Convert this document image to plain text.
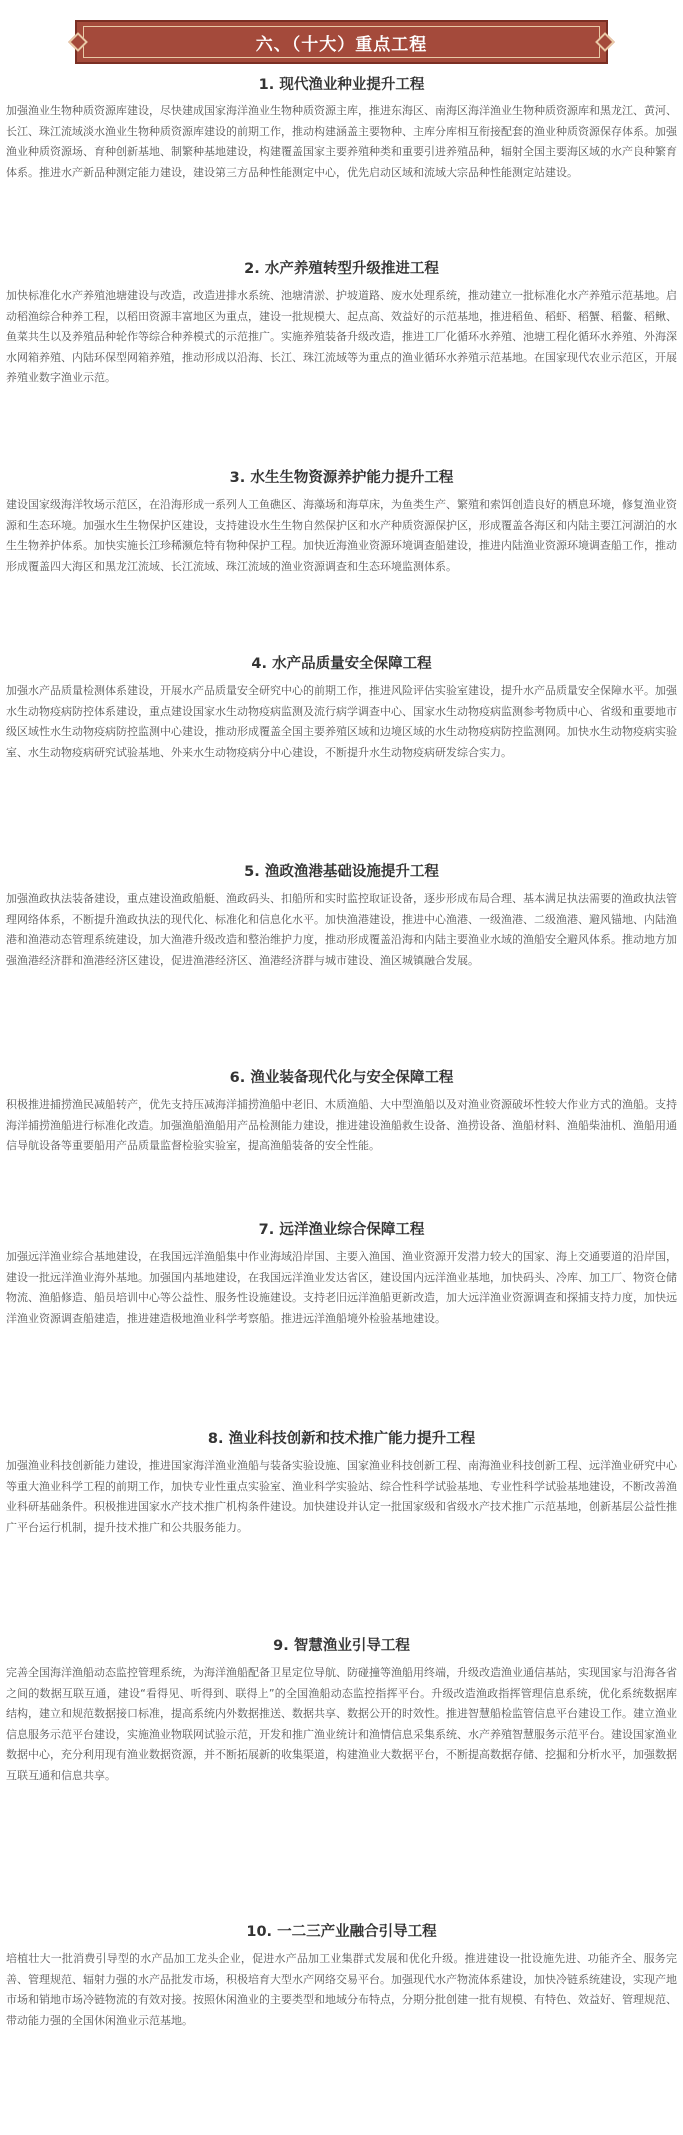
六、（十大）重点工程
1. 现代渔业种业提升工程

加强渔业生物种质资源库建设，尽快建成国家海洋渔业生物种质资源主库，推进东海区、南海区海洋渔业生物种质资源库和黑龙江、黄河、长江、珠江流域淡水渔业生物种质资源库建设的前期工作，推动构建涵盖主要物种、主库分库相互衔接配套的渔业种质资源保存体系。加强渔业种质资源场、育种创新基地、制繁种基地建设，构建覆盖国家主要养殖种类和重要引进养殖品种，辐射全国主要海区域的水产良种繁育体系。推进水产新品种测定能力建设，建设第三方品种性能测定中心，优先启动区域和流域大宗品种性能测定站建设。

2. 水产养殖转型升级推进工程

加快标准化水产养殖池塘建设与改造，改造进排水系统、池塘清淤、护坡道路、废水处理系统，推动建立一批标准化水产养殖示范基地。启动稻渔综合种养工程，以稻田资源丰富地区为重点，建设一批规模大、起点高、效益好的示范基地，推进稻鱼、稻虾、稻蟹、稻鳖、稻鳅、鱼菜共生以及养殖品种轮作等综合种养模式的示范推广。实施养殖装备升级改造，推进工厂化循环水养殖、池塘工程化循环水养殖、外海深水网箱养殖、内陆环保型网箱养殖，推动形成以沿海、长江、珠江流域等为重点的渔业循环水养殖示范基地。在国家现代农业示范区，开展养殖业数字渔业示范。

3. 水生生物资源养护能力提升工程

建设国家级海洋牧场示范区，在沿海形成一系列人工鱼礁区、海藻场和海草床，为鱼类生产、繁殖和索饵创造良好的栖息环境，修复渔业资源和生态环境。加强水生生物保护区建设，支持建设水生生物自然保护区和水产种质资源保护区，形成覆盖各海区和内陆主要江河湖泊的水生生物养护体系。加快实施长江珍稀濒危特有物种保护工程。加快近海渔业资源环境调查船建设，推进内陆渔业资源环境调查船工作，推动形成覆盖四大海区和黑龙江流域、长江流域、珠江流域的渔业资源调查和生态环境监测体系。

4. 水产品质量安全保障工程

加强水产品质量检测体系建设，开展水产品质量安全研究中心的前期工作，推进风险评估实验室建设，提升水产品质量安全保障水平。加强水生动物疫病防控体系建设，重点建设国家水生动物疫病监测及流行病学调查中心、国家水生动物疫病监测参考物质中心、省级和重要地市级区域性水生动物疫病防控监测中心建设，推动形成覆盖全国主要养殖区域和边境区域的水生动物疫病防控监测网。加快水生动物疫病实验室、水生动物疫病研究试验基地、外来水生动物疫病分中心建设，不断提升水生动物疫病研发综合实力。

5. 渔政渔港基础设施提升工程

加强渔政执法装备建设，重点建设渔政船艇、渔政码头、扣船所和实时监控取证设备，逐步形成布局合理、基本满足执法需要的渔政执法管理网络体系，不断提升渔政执法的现代化、标准化和信息化水平。加快渔港建设，推进中心渔港、一级渔港、二级渔港、避风锚地、内陆渔港和渔港动态管理系统建设，加大渔港升级改造和整治维护力度，推动形成覆盖沿海和内陆主要渔业水域的渔船安全避风体系。推动地方加强渔港经济群和渔港经济区建设，促进渔港经济区、渔港经济群与城市建设、渔区城镇融合发展。

6. 渔业装备现代化与安全保障工程

积极推进捕捞渔民减船转产，优先支持压减海洋捕捞渔船中老旧、木质渔船、大中型渔船以及对渔业资源破坏性较大作业方式的渔船。支持海洋捕捞渔船进行标准化改造。加强渔船渔船用产品检测能力建设，推进建设渔船救生设备、渔捞设备、渔船材料、渔船柴油机、渔船用通信导航设备等重要船用产品质量监督检验实验室，提高渔船装备的安全性能。

7. 远洋渔业综合保障工程

加强远洋渔业综合基地建设，在我国远洋渔船集中作业海域沿岸国、主要入渔国、渔业资源开发潜力较大的国家、海上交通要道的沿岸国，建设一批远洋渔业海外基地。加强国内基地建设，在我国远洋渔业发达省区，建设国内远洋渔业基地，加快码头、冷库、加工厂、物资仓储物流、渔船修造、船员培训中心等公益性、服务性设施建设。支持老旧远洋渔船更新改造，加大远洋渔业资源调查和探捕支持力度，加快远洋渔业资源调查船建造，推进建造极地渔业科学考察船。推进远洋渔船境外检验基地建设。

8. 渔业科技创新和技术推广能力提升工程

加强渔业科技创新能力建设，推进国家海洋渔业渔船与装备实验设施、国家渔业科技创新工程、南海渔业科技创新工程、远洋渔业研究中心等重大渔业科学工程的前期工作，加快专业性重点实验室、渔业科学实验站、综合性科学试验基地、专业性科学试验基地建设，不断改善渔业科研基础条件。积极推进国家水产技术推广机构条件建设。加快建设并认定一批国家级和省级水产技术推广示范基地，创新基层公益性推广平台运行机制，提升技术推广和公共服务能力。

9. 智慧渔业引导工程

完善全国海洋渔船动态监控管理系统，为海洋渔船配备卫星定位导航、防碰撞等渔船用终端，升级改造渔业通信基站，实现国家与沿海各省之间的数据互联互通，建设“看得见、听得到、联得上”的全国渔船动态监控指挥平台。升级改造渔政指挥管理信息系统，优化系统数据库结构，建立和规范数据接口标准，提高系统内外数据推送、数据共享、数据公开的时效性。推进智慧船检监管信息平台建设工作。建立渔业信息服务示范平台建设，实施渔业物联网试验示范，开发和推广渔业统计和渔情信息采集系统、水产养殖智慧服务示范平台。建设国家渔业数据中心，充分利用现有渔业数据资源，并不断拓展新的收集渠道，构建渔业大数据平台，不断提高数据存储、挖掘和分析水平，加强数据互联互通和信息共享。

10. 一二三产业融合引导工程

培植壮大一批消费引导型的水产品加工龙头企业，促进水产品加工业集群式发展和优化升级。推进建设一批设施先进、功能齐全、服务完善、管理规范、辐射力强的水产品批发市场，积极培育大型水产网络交易平台。加强现代水产物流体系建设，加快冷链系统建设，实现产地市场和销地市场冷链物流的有效对接。按照休闲渔业的主要类型和地域分布特点，分期分批创建一批有规模、有特色、效益好、管理规范、带动能力强的全国休闲渔业示范基地。
